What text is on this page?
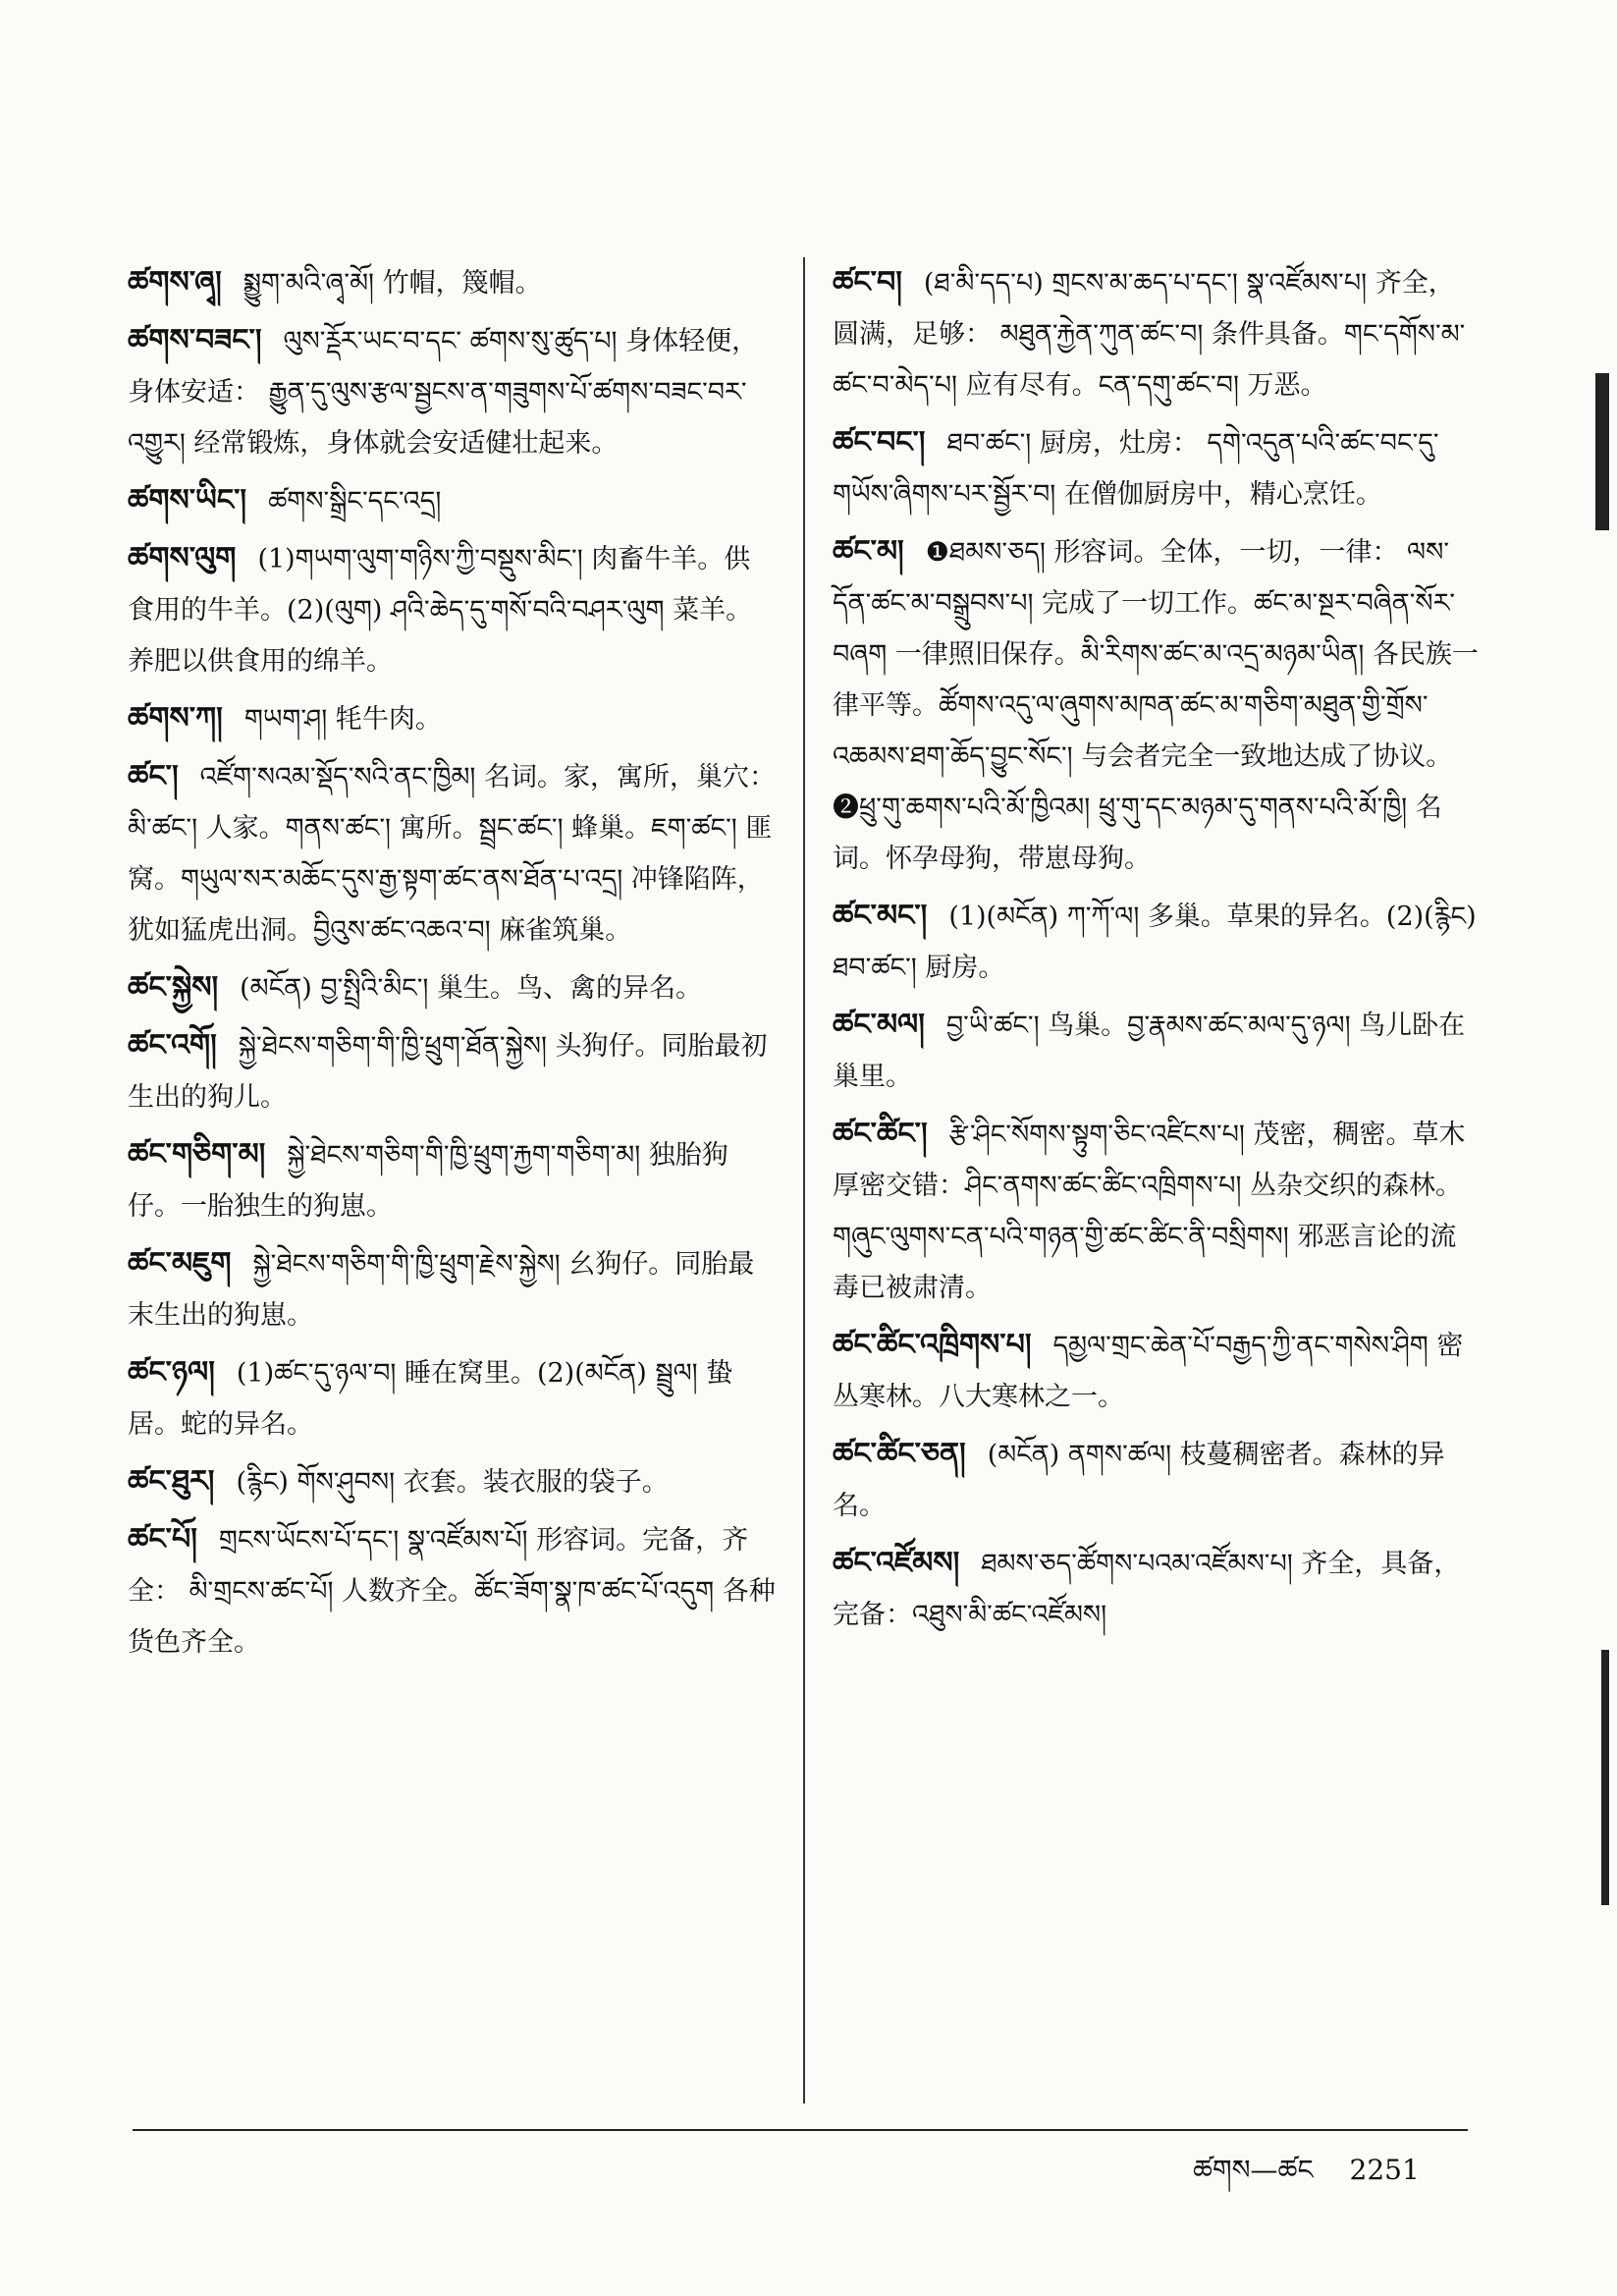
ཚགས་ཞྭ། སྨྱུག་མའི་ཞྭ་མོ། 竹帽，篾帽。

ཚགས་བཟང་། ལུས་ཪྡོར་ཡང་བ་དང་ ཚགས་སུ་ཚུད་པ། 身体轻便，身体安适： རྒྱུན་དུ་ལུས་རྩལ་སྦྱངས་ན་གཟུགས་པོ་ཚགས་བཟང་བར་འགྱུར། 经常锻炼，身体就会安适健壮起来。

ཚགས་ཡིང་། ཚགས་སྒྲིང་དང་འདྲ།

ཚགས་ལུག (1)གཡག་ལུག་གཉིས་ཀྱི་བསྡུས་མིང་། 肉畜牛羊。供食用的牛羊。(2)(ལུག) ཤའི་ཆེད་དུ་གསོ་བའི་བཤར་ལུག 菜羊。养肥以供食用的绵羊。

ཚགས་ཀ། གཡག་ཤ། 牦牛肉。

ཚང་། འཛོག་སའམ་སྡོད་སའི་ནང་ཁྱིམ། 名词。家，寓所，巢穴： མི་ཚང་། 人家。གནས་ཚང་། 寓所。སྦྲང་ཚང་། 蜂巢。ཇག་ཚང་། 匪窝。གཡུལ་སར་མཆོང་དུས་རྒྱ་སྟག་ཚང་ནས་ཐོན་པ་འདྲ། 冲锋陷阵，犹如猛虎出洞。བྱིའུས་ཚང་འཆའ་བ། 麻雀筑巢。

ཚང་སྐྱེས། (མངོན) བྱ་སྤྲིའི་མིང་། 巢生。鸟、禽的异名。

ཚང་འགོ། སྐྱེ་ཐེངས་གཅིག་གི་ཁྱི་ཕྲུག་ཐོན་སྐྱེས། 头狗仔。同胎最初生出的狗儿。

ཚང་གཅིག་མ། སྐྱེ་ཐེངས་གཅིག་གི་ཁྱི་ཕྲུག་རྐྱག་གཅིག་མ། 独胎狗仔。一胎独生的狗崽。

ཚང་མཇུག སྐྱེ་ཐེངས་གཅིག་གི་ཁྱི་ཕྲུག་རྗེས་སྐྱེས། 幺狗仔。同胎最末生出的狗崽。

ཚང་ཉལ། (1)ཚང་དུ་ཉལ་བ། 睡在窝里。(2)(མངོན) སྦྲུལ། 蛰居。蛇的异名。

ཚང་ཐུར། (རྙིང) གོས་ཤུབས། 衣套。装衣服的袋子。

ཚང་པོ། གྲངས་ཡོངས་པོ་དང་། སྣ་འཛོམས་པོ། 形容词。完备，齐全： མི་གྲངས་ཚང་པོ། 人数齐全。ཚོང་ཟོག་སྣ་ཁ་ཚང་པོ་འདུག 各种货色齐全。

ཚང་བ། (ཐ་མི་དད་པ) གྲངས་མ་ཆད་པ་དང་། སྣ་འཛོམས་པ། 齐全，圆满，足够： མཐུན་རྐྱེན་ཀུན་ཚང་བ། 条件具备。གང་དགོས་མ་ཚང་བ་མེད་པ། 应有尽有。ངན་དགུ་ཚང་བ། 万恶。

ཚང་བང་། ཐབ་ཚང་། 厨房，灶房： དགེ་འདུན་པའི་ཚང་བང་དུ་གཡོས་ཞིགས་པར་སྦྱོར་བ། 在僧伽厨房中，精心烹饪。

ཚང་མ། ❶ཐམས་ཅད། 形容词。全体，一切，一律： ལས་དོན་ཚང་མ་བསྒྲུབས་པ། 完成了一切工作。ཚང་མ་སྔར་བཞིན་སོར་བཞག 一律照旧保存。མི་རིགས་ཚང་མ་འདྲ་མཉམ་ཡིན། 各民族一律平等。ཚོགས་འདུ་ལ་ཞུགས་མཁན་ཚང་མ་གཅིག་མཐུན་གྱི་གྲོས་འཆམས་ཐག་ཆོད་བྱུང་སོང་། 与会者完全一致地达成了协议。❷ཕྲུ་གུ་ཆགས་པའི་མོ་ཁྱིའམ། ཕྲུ་གུ་དང་མཉམ་དུ་གནས་པའི་མོ་ཁྱི། 名词。怀孕母狗，带崽母狗。

ཚང་མང་། (1)(མངོན) ཀ་ཀོ་ལ། 多巢。草果的异名。(2)(རྙིང) ཐབ་ཚང་། 厨房。

ཚང་མལ། བྱ་ཡི་ཚང་། 鸟巢。བྱ་རྣམས་ཚང་མལ་དུ་ཉལ། 鸟儿卧在巢里。

ཚང་ཚིང་། རྩི་ཤིང་སོགས་སྟུག་ཅིང་འཛིངས་པ། 茂密，稠密。草木厚密交错：ཤིང་ནགས་ཚང་ཚིང་འཁྲིགས་པ། 丛杂交织的森林。གཞུང་ལུགས་ངན་པའི་གཉན་གྱི་ཚང་ཚིང་ནི་བསྲིགས། 邪恶言论的流毒已被肃清。

ཚང་ཚིང་འཁྲིགས་པ། དམྱལ་གྲང་ཆེན་པོ་བརྒྱད་ཀྱི་ནང་གསེས་ཤིག 密丛寒林。八大寒林之一。

ཚང་ཚིང་ཅན། (མངོན) ནགས་ཚལ། 枝蔓稠密者。森林的异名。

ཚང་འཛོམས། ཐམས་ཅད་ཚོགས་པའམ་འཛོམས་པ། 齐全，具备， 完备：འཐུས་མི་ཚང་འཛོམས།

ཚགས—ཚང 2251
